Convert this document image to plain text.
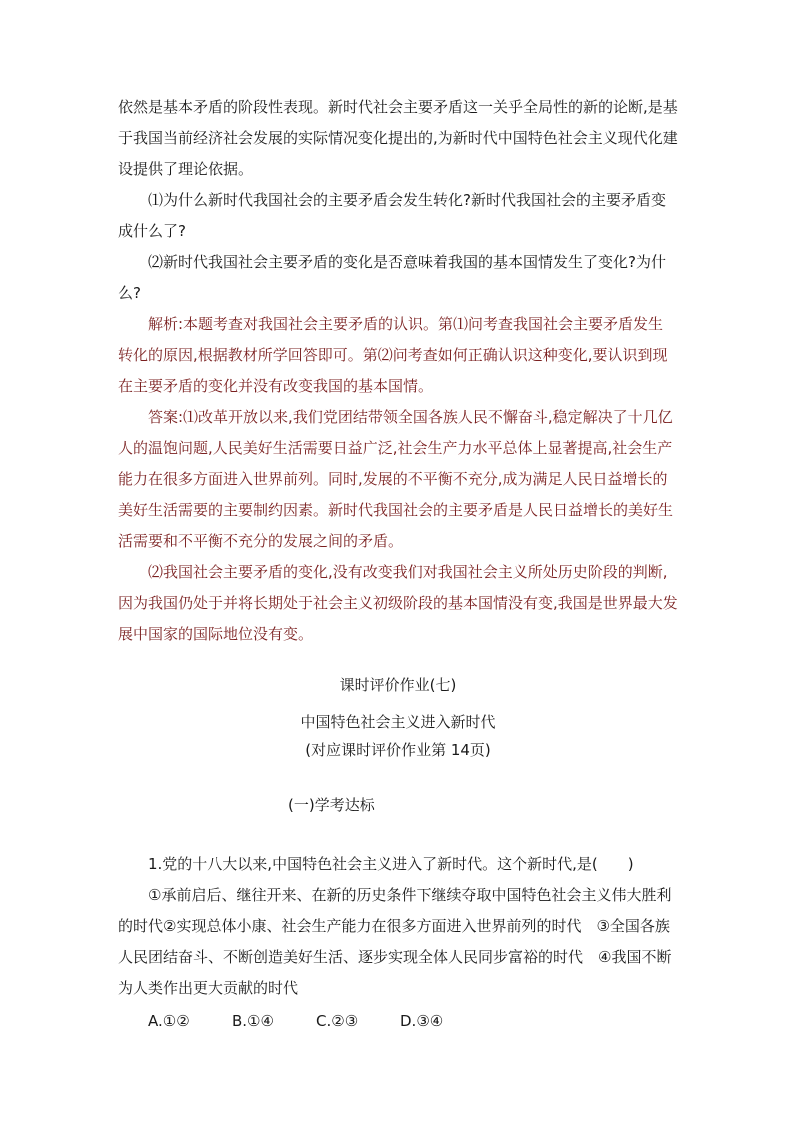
依然是基本矛盾的阶段性表现。新时代社会主要矛盾这一关乎全局性的新的论断,是基于我国当前经济社会发展的实际情况变化提出的,为新时代中国特色社会主义现代化建设提供了理论依据。

⑴为什么新时代我国社会的主要矛盾会发生转化?新时代我国社会的主要矛盾变成什么了?

⑵新时代我国社会主要矛盾的变化是否意味着我国的基本国情发生了变化?为什么?

解析:本题考查对我国社会主要矛盾的认识。第⑴问考查我国社会主要矛盾发生转化的原因,根据教材所学回答即可。第⑵问考查如何正确认识这种变化,要认识到现在主要矛盾的变化并没有改变我国的基本国情。

答案:⑴改革开放以来,我们党团结带领全国各族人民不懈奋斗,稳定解决了十几亿人的温饱问题,人民美好生活需要日益广泛,社会生产力水平总体上显著提高,社会生产能力在很多方面进入世界前列。同时,发展的不平衡不充分,成为满足人民日益增长的美好生活需要的主要制约因素。新时代我国社会的主要矛盾是人民日益增长的美好生活需要和不平衡不充分的发展之间的矛盾。

⑵我国社会主要矛盾的变化,没有改变我们对我国社会主义所处历史阶段的判断,因为我国仍处于并将长期处于社会主义初级阶段的基本国情没有变,我国是世界最大发展中国家的国际地位没有变。

课时评价作业(七)

中国特色社会主义进入新时代

(对应课时评价作业第 14页)

(一)学考达标

1.党的十八大以来,中国特色社会主义进入了新时代。这个新时代,是(　　)

①承前启后、继往开来、在新的历史条件下继续夺取中国特色社会主义伟大胜利的时代②实现总体小康、社会生产能力在很多方面进入世界前列的时代　③全国各族人民团结奋斗、不断创造美好生活、逐步实现全体人民同步富裕的时代　④我国不断为人类作出更大贡献的时代

A.①②	B.①④	C.②③	D.③④
